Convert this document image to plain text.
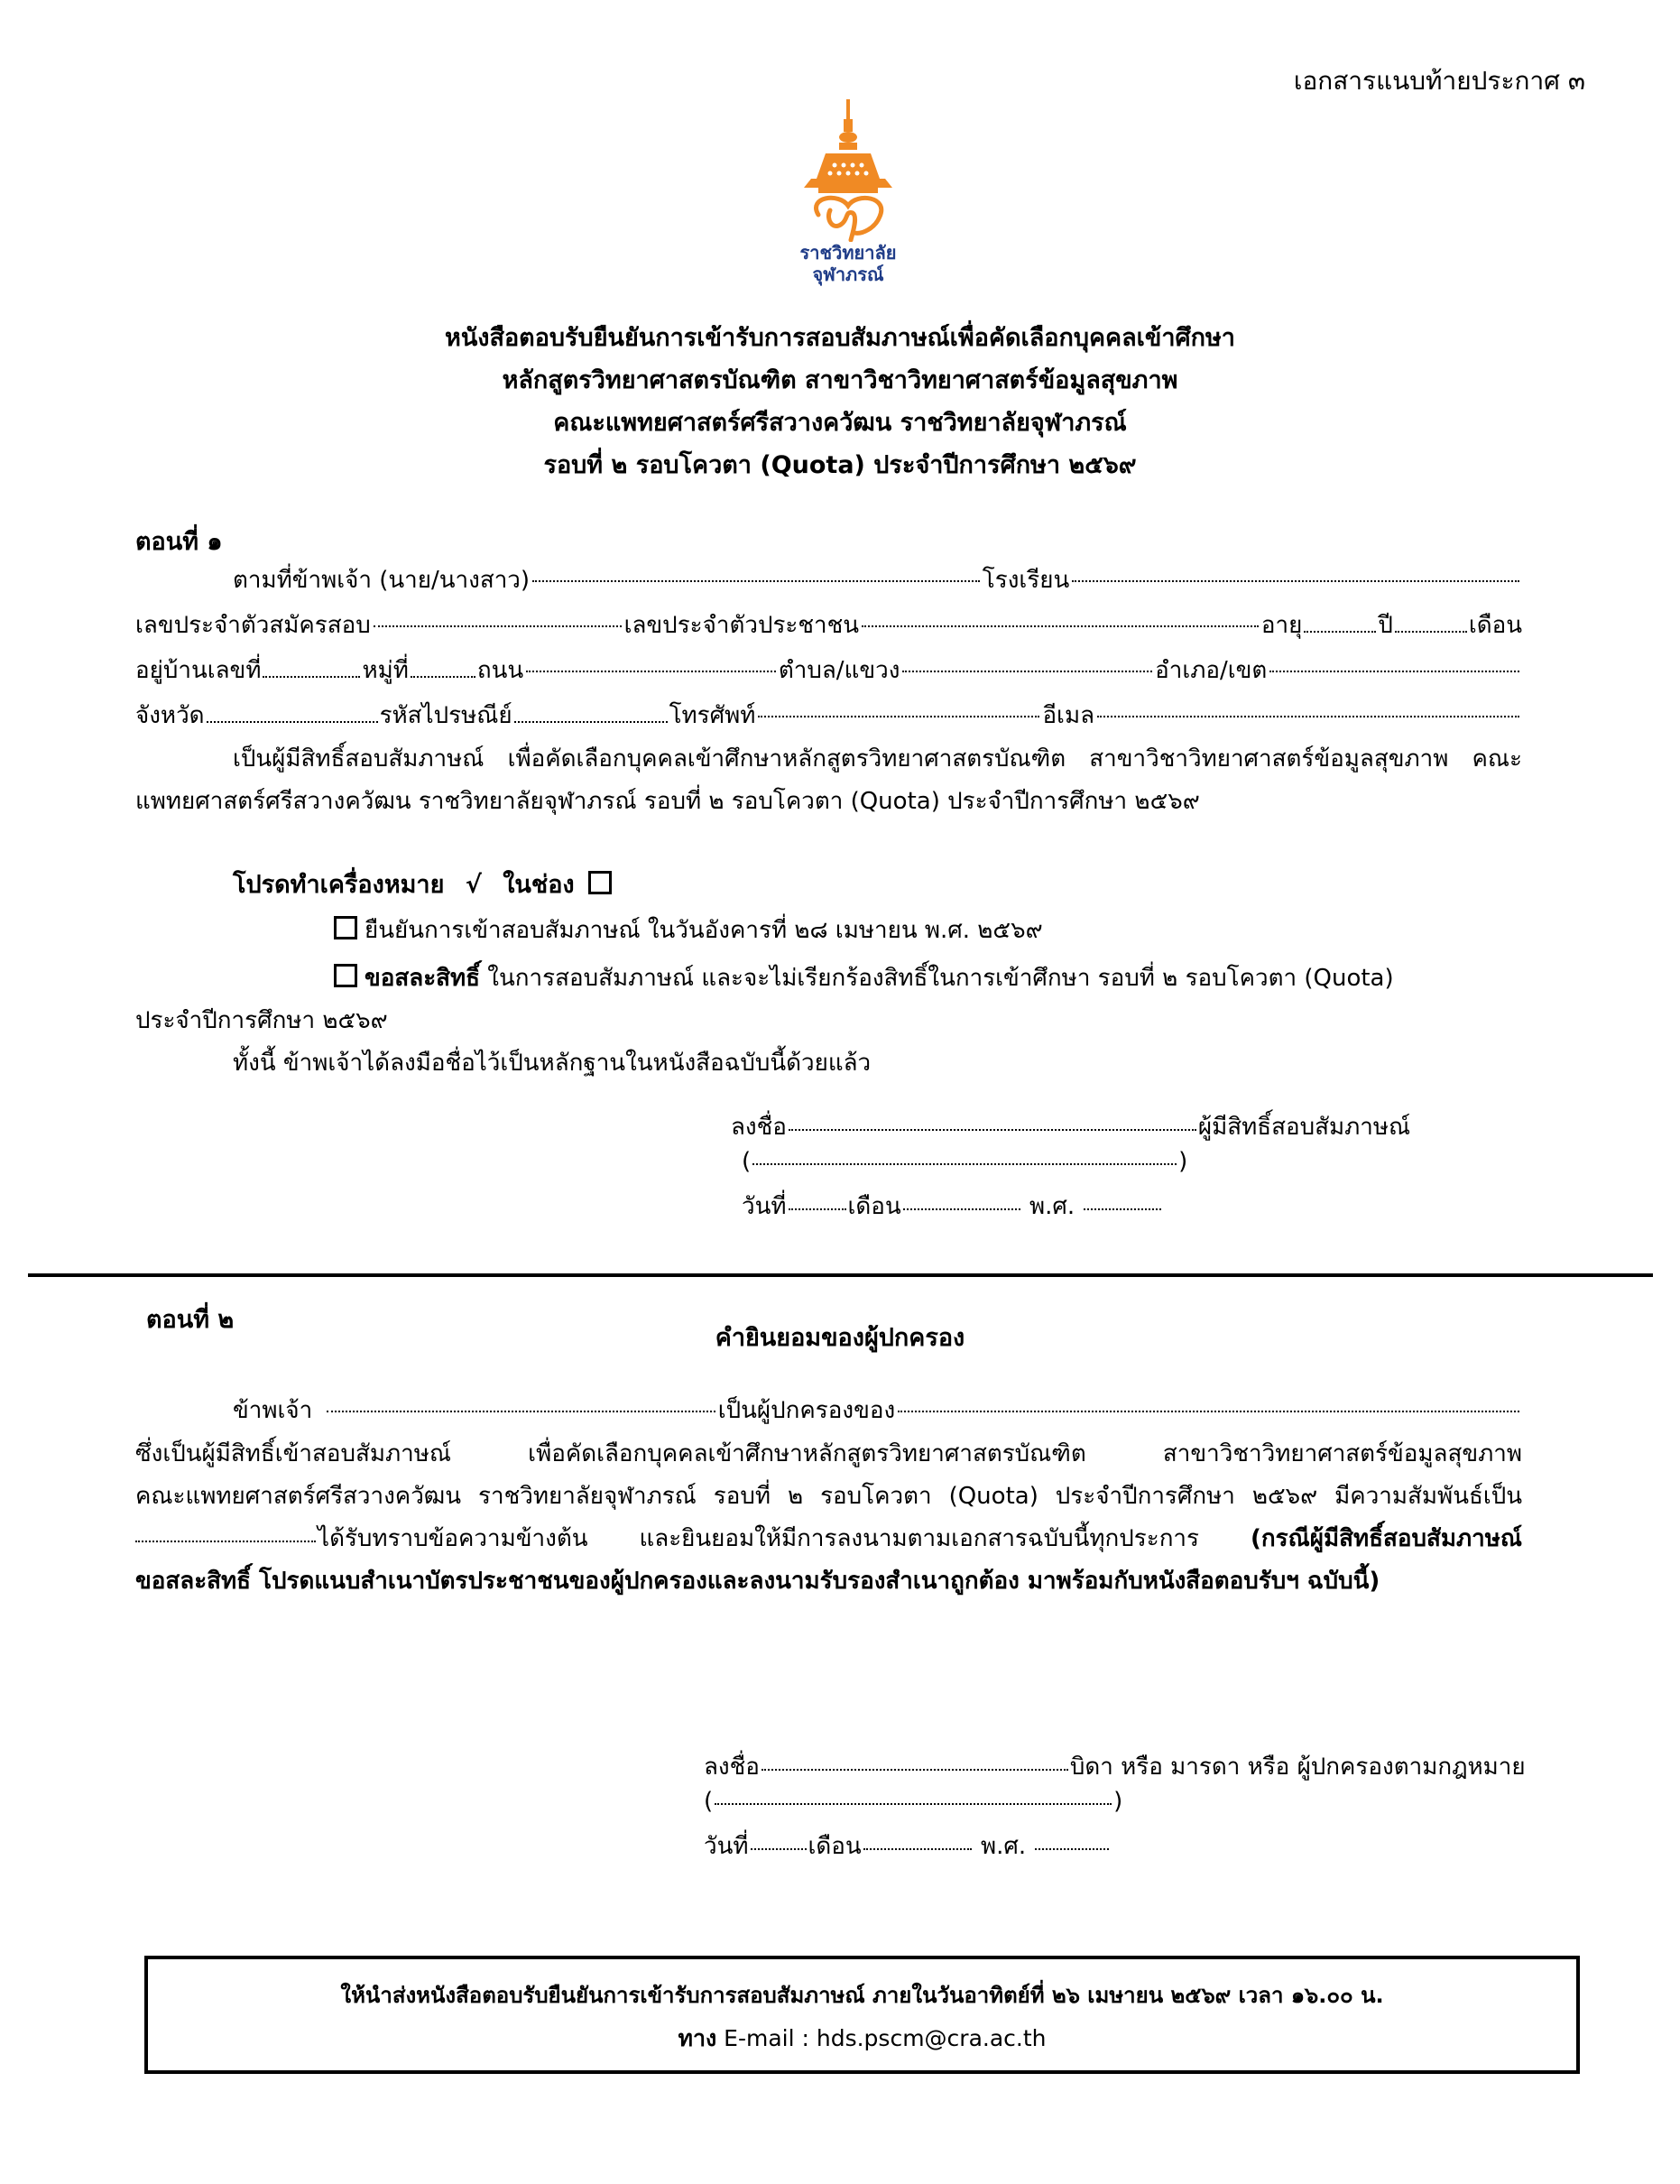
เอกสารแนบท้ายประกาศ ๓
ราชวิทยาลัย
จุฬาภรณ์
หนังสือตอบรับยืนยันการเข้ารับการสอบสัมภาษณ์เพื่อคัดเลือกบุคคลเข้าศึกษา
หลักสูตรวิทยาศาสตรบัณฑิต สาขาวิชาวิทยาศาสตร์ข้อมูลสุขภาพ
คณะแพทยศาสตร์ศรีสวางควัฒน ราชวิทยาลัยจุฬาภรณ์
รอบที่ ๒ รอบโควตา (Quota) ประจำปีการศึกษา ๒๕๖๙
ตอนที่ ๑
ตามที่ข้าพเจ้า (นาย/นางสาว)	โรงเรียน
เลขประจำตัวสมัครสอบ	เลขประจำตัวประชาชน	อายุ	ปี	เดือน
อยู่บ้านเลขที่	หมู่ที่	ถนน	ตำบล/แขวง	อำเภอ/เขต
จังหวัด	รหัสไปรษณีย์	โทรศัพท์	อีเมล
เป็นผู้มีสิทธิ์สอบสัมภาษณ์ เพื่อคัดเลือกบุคคลเข้าศึกษาหลักสูตรวิทยาศาสตรบัณฑิต สาขาวิชาวิทยาศาสตร์ข้อมูลสุขภาพ คณะแพทยศาสตร์ศรีสวางควัฒน ราชวิทยาลัยจุฬาภรณ์ รอบที่ ๒ รอบโควตา (Quota) ประจำปีการศึกษา ๒๕๖๙
โปรดทำเครื่องหมาย √ ในช่อง
ยืนยันการเข้าสอบสัมภาษณ์ ในวันอังคารที่ ๒๘ เมษายน พ.ศ. ๒๕๖๙
ขอสละสิทธิ์ ในการสอบสัมภาษณ์ และจะไม่เรียกร้องสิทธิ์ในการเข้าศึกษา รอบที่ ๒ รอบโควตา (Quota)
ประจำปีการศึกษา ๒๕๖๙
ทั้งนี้ ข้าพเจ้าได้ลงมือชื่อไว้เป็นหลักฐานในหนังสือฉบับนี้ด้วยแล้ว
ลงชื่อ	ผู้มีสิทธิ์สอบสัมภาษณ์
(	)
วันที่	เดือน	พ.ศ.
ตอนที่ ๒
คำยินยอมของผู้ปกครอง
ข้าพเจ้า	เป็นผู้ปกครองของ
ซึ่งเป็นผู้มีสิทธิ์เข้าสอบสัมภาษณ์ เพื่อคัดเลือกบุคคลเข้าศึกษาหลักสูตรวิทยาศาสตรบัณฑิต สาขาวิชาวิทยาศาสตร์ข้อมูลสุขภาพ
คณะแพทยศาสตร์ศรีสวางควัฒน ราชวิทยาลัยจุฬาภรณ์ รอบที่ ๒ รอบโควตา (Quota) ประจำปีการศึกษา ๒๕๖๙ มีความสัมพันธ์เป็น
ได้รับทราบข้อความข้างต้น และยินยอมให้มีการลงนามตามเอกสารฉบับนี้ทุกประการ (กรณีผู้มีสิทธิ์สอบสัมภาษณ์
ขอสละสิทธิ์ โปรดแนบสำเนาบัตรประชาชนของผู้ปกครองและลงนามรับรองสำเนาถูกต้อง มาพร้อมกับหนังสือตอบรับฯ ฉบับนี้)
ลงชื่อ	บิดา หรือ มารดา หรือ ผู้ปกครองตามกฎหมาย
(	)
วันที่	เดือน	พ.ศ.
ให้นำส่งหนังสือตอบรับยืนยันการเข้ารับการสอบสัมภาษณ์ ภายในวันอาทิตย์ที่ ๒๖ เมษายน ๒๕๖๙ เวลา ๑๖.๐๐ น.
ทาง E-mail : hds.pscm@cra.ac.th
